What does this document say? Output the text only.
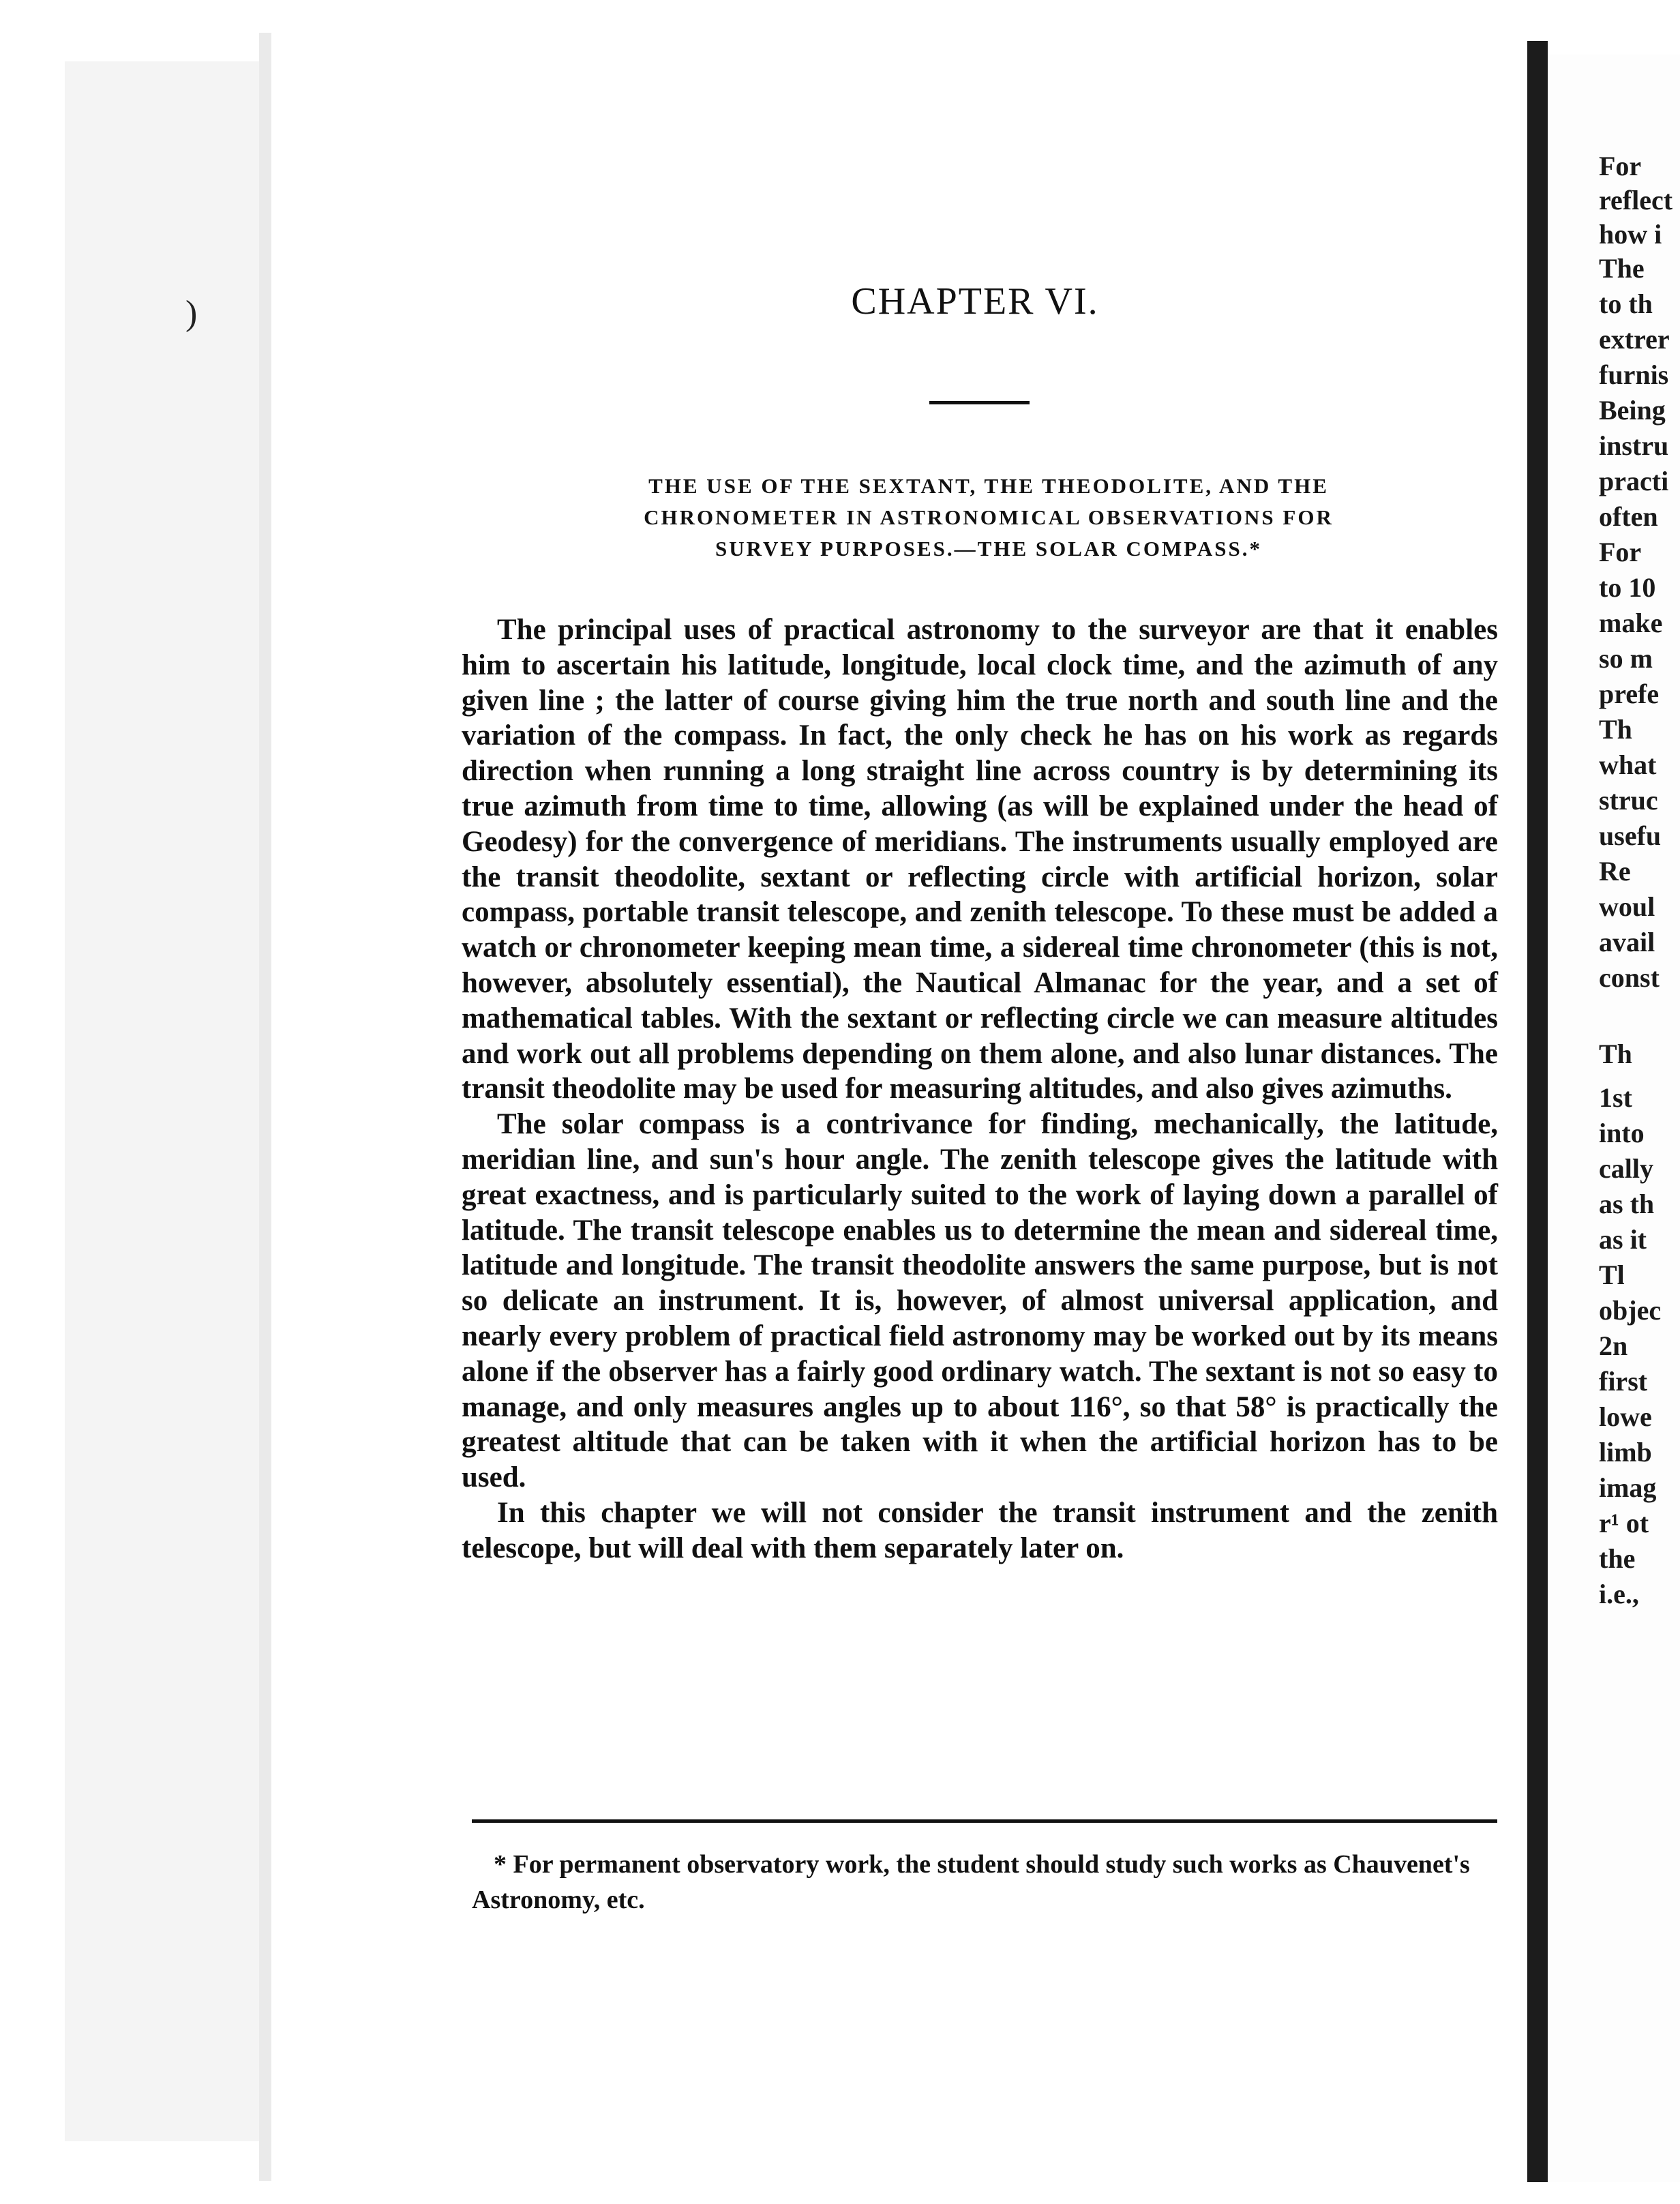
)
For
reflect
how i
The
to th
extrer
furnis
Being
instru
practi
often
For
to 10
make
so m
prefe
Th
what
struc
usefu
Re
woul
avail
const
Th
1st
into
cally
as th
as it
Tl
objec
2n
first
lowe
limb
imag
r¹ ot
the
i.e.,
CHAPTER VI.
THE USE OF THE SEXTANT, THE THEODOLITE, AND THE
CHRONOMETER IN ASTRONOMICAL OBSERVATIONS FOR
SURVEY PURPOSES.—THE SOLAR COMPASS.*

The principal uses of practical astronomy to the surveyor are that it enables him to ascertain his latitude, longitude, local clock time, and the azimuth of any given line ; the latter of course giving him the true north and south line and the variation of the compass. In fact, the only check he has on his work as regards direction when running a long straight line across country is by determining its true azimuth from time to time, allowing (as will be explained under the head of Geodesy) for the convergence of meridians. The instruments usually employed are the transit theodolite, sextant or reflecting circle with artificial horizon, solar compass, portable transit telescope, and zenith telescope. To these must be added a watch or chronometer keeping mean time, a sidereal time chronometer (this is not, however, absolutely essential), the Nautical Almanac for the year, and a set of mathematical tables. With the sextant or reflecting circle we can measure altitudes and work out all problems depending on them alone, and also lunar distances. The transit theodolite may be used for measuring altitudes, and also gives azimuths.

The solar compass is a contrivance for finding, mechanically, the latitude, meridian line, and sun's hour angle. The zenith telescope gives the latitude with great exactness, and is particularly suited to the work of laying down a parallel of latitude. The transit telescope enables us to determine the mean and sidereal time, latitude and longitude. The transit theodolite answers the same purpose, but is not so delicate an instrument. It is, however, of almost universal application, and nearly every problem of practical field astronomy may be worked out by its means alone if the observer has a fairly good ordinary watch. The sextant is not so easy to manage, and only measures angles up to about 116°, so that 58° is practically the greatest altitude that can be taken with it when the artificial horizon has to be used.

In this chapter we will not consider the transit instrument and the zenith telescope, but will deal with them separately later on.

* For permanent observatory work, the student should study such works as Chauvenet's Astronomy, etc.
